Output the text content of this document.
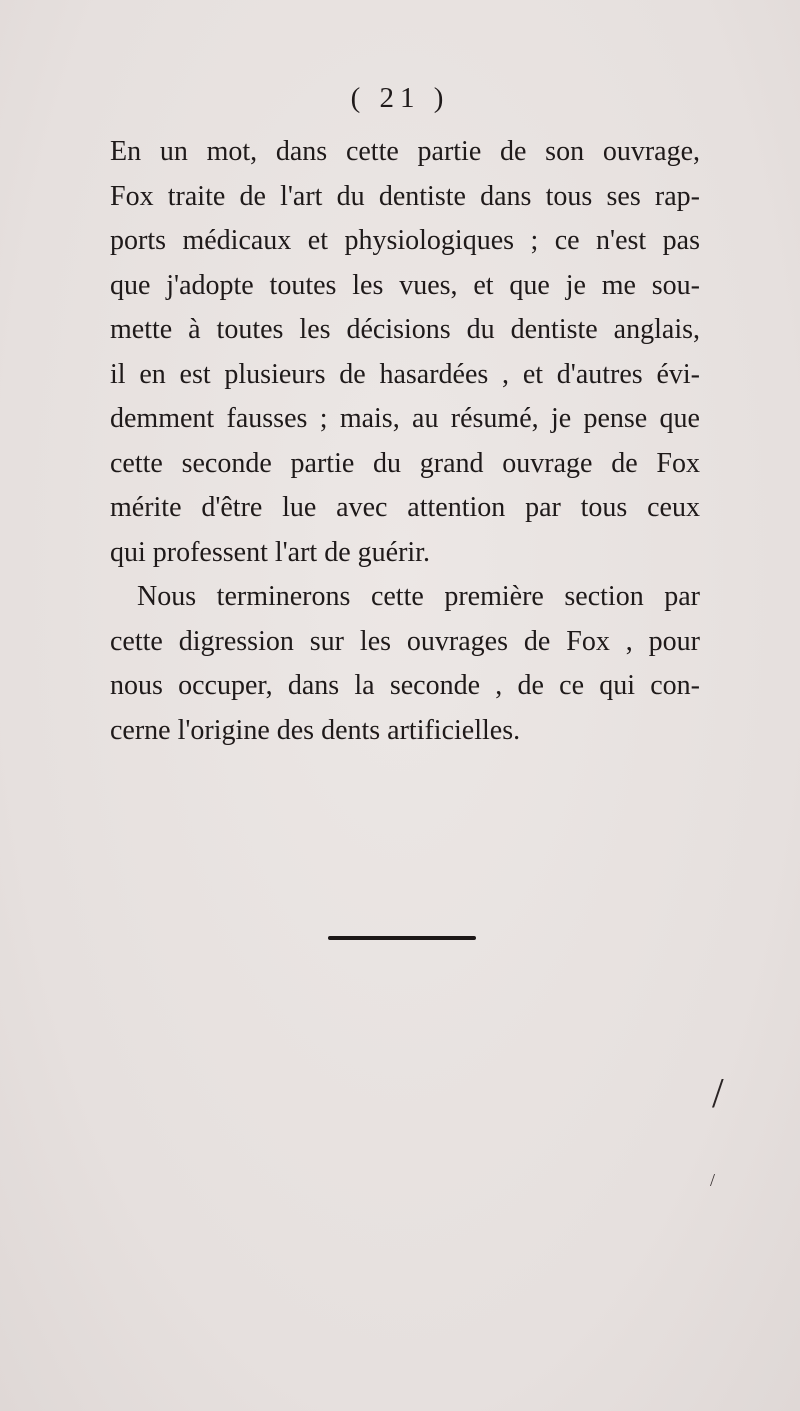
( 21 )
En un mot, dans cette partie de son ouvrage,
Fox traite de l'art du dentiste dans tous ses rap-
ports médicaux et physiologiques ; ce n'est pas
que j'adopte toutes les vues, et que je me sou-
mette à toutes les décisions du dentiste anglais,
il en est plusieurs de hasardées , et d'autres évi-
demment fausses ; mais, au résumé, je pense que
cette seconde partie du grand ouvrage de Fox
mérite d'être lue avec attention par tous ceux
qui professent l'art de guérir.
Nous terminerons cette première section par
cette digression sur les ouvrages de Fox , pour
nous occuper, dans la seconde , de ce qui con-
cerne l'origine des dents artificielles.
/
/
